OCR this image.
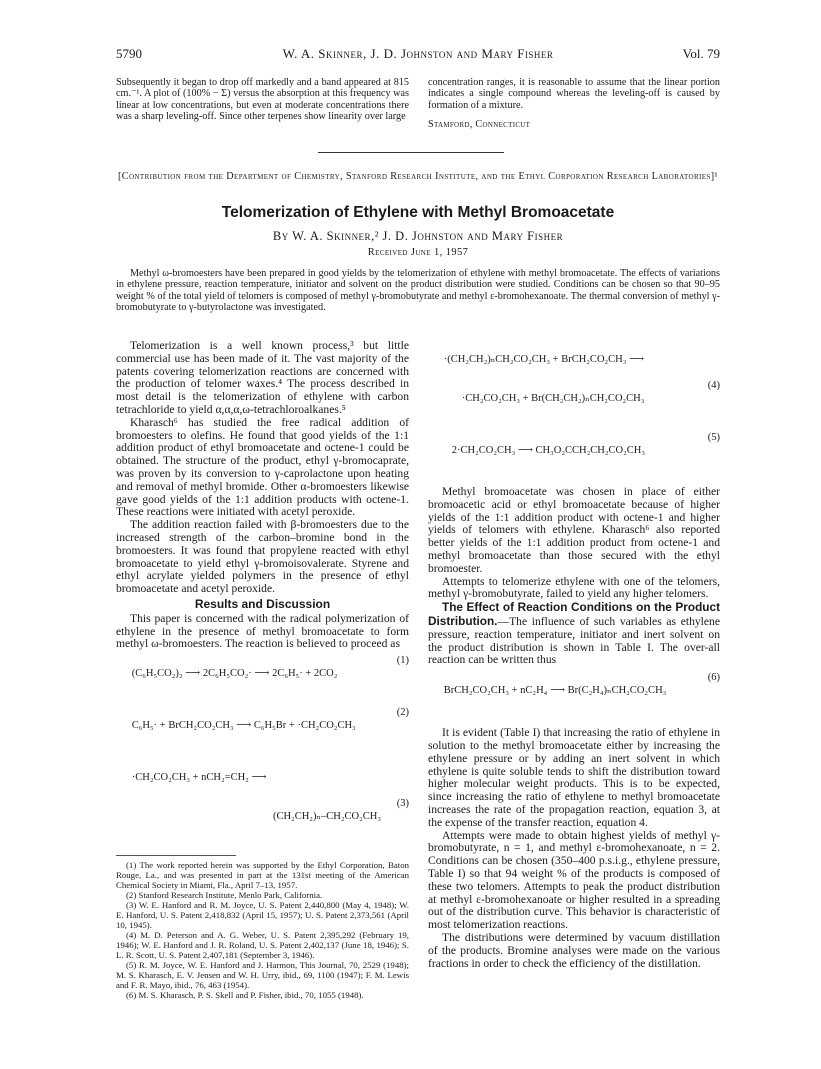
5790	W. A. Skinner, J. D. Johnston and Mary Fisher	Vol. 79
Subsequently it began to drop off markedly and a band appeared at 815 cm.⁻¹. A plot of (100% − Σ) versus the absorption at this frequency was linear at low concentrations, but even at moderate concentrations there was a sharp leveling-off. Since other terpenes show linearity over large
concentration ranges, it is reasonable to assume that the linear portion indicates a single compound whereas the leveling-off is caused by formation of a mixture.
Stamford, Connecticut
[Contribution from the Department of Chemistry, Stanford Research Institute, and the Ethyl Corporation Research Laboratories]¹
Telomerization of Ethylene with Methyl Bromoacetate
By W. A. Skinner,² J. D. Johnston and Mary Fisher
Received June 1, 1957
Methyl ω-bromoesters have been prepared in good yields by the telomerization of ethylene with methyl bromoacetate. The effects of variations in ethylene pressure, reaction temperature, initiator and solvent on the product distribution were studied. Conditions can be chosen so that 90–95 weight % of the total yield of telomers is composed of methyl γ-bromobutyrate and methyl ε-bromohexanoate. The thermal conversion of methyl γ-bromobutyrate to γ-butyrolactone was investigated.

Telomerization is a well known process,³ but little commercial use has been made of it. The vast majority of the patents covering telomerization reactions are concerned with the production of telomer waxes.⁴ The process described in most detail is the telomerization of ethylene with carbon tetrachloride to yield α,α,α,ω-tetrachloroalkanes.⁵

Kharasch⁶ has studied the free radical addition of bromoesters to olefins. He found that good yields of the 1:1 addition product of ethyl bromoacetate and octene-1 could be obtained. The structure of the product, ethyl γ-bromocaprate, was proven by its conversion to γ-caprolactone upon heating and removal of methyl bromide. Other α-bromoesters likewise gave good yields of the 1:1 addition products with octene-1. These reactions were initiated with acetyl peroxide.

The addition reaction failed with β-bromoesters due to the increased strength of the carbon–bromine bond in the bromoesters. It was found that propylene reacted with ethyl bromoacetate to yield ethyl γ-bromoisovalerate. Styrene and ethyl acrylate yielded polymers in the presence of ethyl bromoacetate and acetyl peroxide.

Results and Discussion

This paper is concerned with the radical polymerization of ethylene in the presence of methyl bromoacetate to form methyl ω-bromoesters. The reaction is believed to proceed as

(C₆H₅CO₂)₂ ⟶ 2C₆H₅CO₂· ⟶ 2C₆H₅· + 2CO₂

(1)

C₆H₅· + BrCH₂CO₂CH₃ ⟶ C₆H₅Br + ·CH₂CO₂CH₃

(2)

·CH₂CO₂CH₃ + nCH₂=CH₂ ⟶

(CH₂CH₂)ₙ–CH₂CO₂CH₃

(3)

(1) The work reported herein was supported by the Ethyl Corporation, Baton Rouge, La., and was presented in part at the 131st meeting of the American Chemical Society in Miami, Fla., April 7–13, 1957.

(2) Stanford Research Institute, Menlo Park, California.

(3) W. E. Hanford and R. M. Joyce, U. S. Patent 2,440,800 (May 4, 1948); W. E. Hanford, U. S. Patent 2,418,832 (April 15, 1957); U. S. Patent 2,373,561 (April 10, 1945).

(4) M. D. Peterson and A. G. Weber, U. S. Patent 2,395,292 (February 19, 1946); W. E. Hanford and J. R. Roland, U. S. Patent 2,402,137 (June 18, 1946); S. L. R. Scott, U. S. Patent 2,407,181 (September 3, 1946).

(5) R. M. Joyce, W. E. Hanford and J. Harmon, This Journal, 70, 2529 (1948); M. S. Kharasch, E. V. Jensen and W. H. Urry, ibid., 69, 1100 (1947); F. M. Lewis and F. R. Mayo, ibid., 76, 463 (1954).

(6) M. S. Kharasch, P. S. Skell and P. Fisher, ibid., 70, 1055 (1948).

·(CH₂CH₂)ₙCH₂CO₂CH₃ + BrCH₂CO₂CH₃ ⟶

·CH₂CO₂CH₃ + Br(CH₂CH₂)ₙCH₂CO₂CH₃

(4)

2·CH₂CO₂CH₃ ⟶ CH₃O₂CCH₂CH₂CO₂CH₃

(5)

Methyl bromoacetate was chosen in place of either bromoacetic acid or ethyl bromoacetate because of higher yields of the 1:1 addition product with octene-1 and higher yields of telomers with ethylene. Kharasch⁶ also reported better yields of the 1:1 addition product from octene-1 and methyl bromoacetate than those secured with the ethyl bromoester.

Attempts to telomerize ethylene with one of the telomers, methyl γ-bromobutyrate, failed to yield any higher telomers.

The Effect of Reaction Conditions on the Product Distribution.—The influence of such variables as ethylene pressure, reaction temperature, initiator and inert solvent on the product distribution is shown in Table I. The over-all reaction can be written thus

BrCH₂CO₂CH₃ + nC₂H₄ ⟶ Br(C₂H₄)ₙCH₂CO₂CH₃

(6)

It is evident (Table I) that increasing the ratio of ethylene in solution to the methyl bromoacetate either by increasing the ethylene pressure or by adding an inert solvent in which ethylene is quite soluble tends to shift the distribution toward higher molecular weight products. This is to be expected, since increasing the ratio of ethylene to methyl bromoacetate increases the rate of the propagation reaction, equation 3, at the expense of the transfer reaction, equation 4.

Attempts were made to obtain highest yields of methyl γ-bromobutyrate, n = 1, and methyl ε-bromohexanoate, n = 2. Conditions can be chosen (350–400 p.s.i.g., ethylene pressure, Table I) so that 94 weight % of the products is composed of these two telomers. Attempts to peak the product distribution at methyl ε-bromohexanoate or higher resulted in a spreading out of the distribution curve. This behavior is characteristic of most telomerization reactions.

The distributions were determined by vacuum distillation of the products. Bromine analyses were made on the various fractions in order to check the efficiency of the distillation.
